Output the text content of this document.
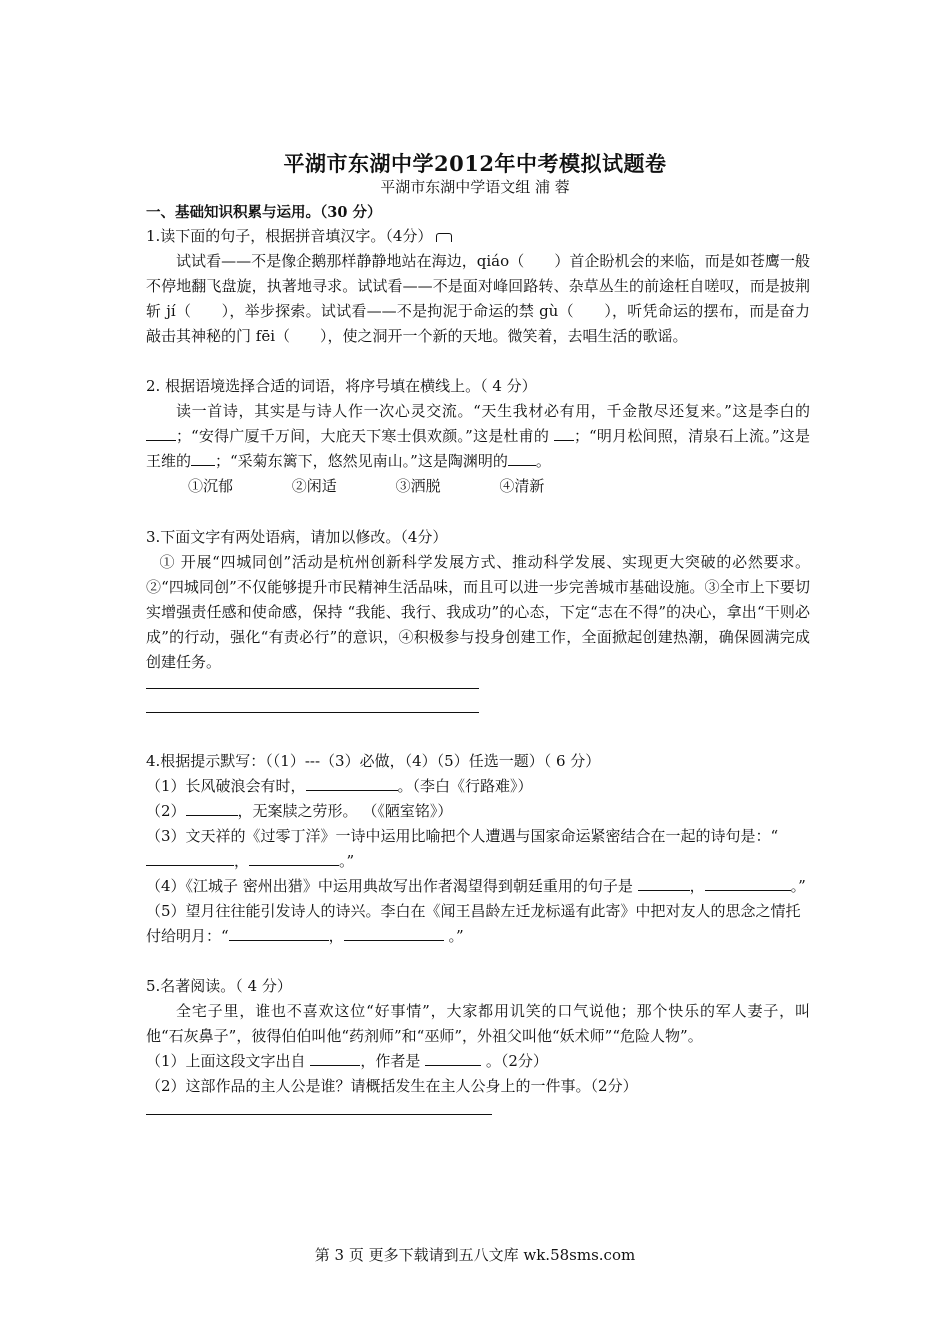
平湖市东湖中学2012年中考模拟试题卷
平湖市东湖中学语文组 浦 蓉
一、基础知识积累与运用。（30 分）
1.读下面的句子，根据拼音填汉字。（4分）
试试看——不是像企鹅那样静静地站在海边，qiáo（　　）首企盼机会的来临，而是如苍鹰一般不停地翻飞盘旋，执著地寻求。试试看——不是面对峰回路转、杂草丛生的前途枉自嗟叹，而是披荆斩 jí（　　），举步探索。试试看——不是拘泥于命运的禁 gù（　　），听凭命运的摆布，而是奋力敲击其神秘的门 fēi（　　），使之洞开一个新的天地。微笑着，去唱生活的歌谣。
2. 根据语境选择合适的词语，将序号填在横线上。（ 4 分）
读一首诗，其实是与诗人作一次心灵交流。“天生我材必有用，千金散尽还复来。”这是李白的；“安得广厦千万间，大庇天下寒士俱欢颜。”这是杜甫的 ；“明月松间照，清泉石上流。”这是王维的 ；“采菊东篱下，悠然见南山。”这是陶渊明的 。
①沉郁	②闲适	③洒脱	④清新
3.下面文字有两处语病，请加以修改。（4分）
① 开展“四城同创”活动是杭州创新科学发展方式、推动科学发展、实现更大突破的必然要求。②“四城同创”不仅能够提升市民精神生活品味，而且可以进一步完善城市基础设施。③全市上下要切实增强责任感和使命感，保持 “我能、我行、我成功”的心态，下定“志在不得”的决心，拿出“干则必成”的行动，强化“有责必行”的意识，④积极参与投身创建工作，全面掀起创建热潮，确保圆满完成创建任务。
4.根据提示默写：（（1）---（3）必做，（4）（5）任选一题）（ 6 分）
（1）长风破浪会有时，	。（李白《行路难》）
（2）	，无案牍之劳形。 （《陋室铭》）
（3）文天祥的《过零丁洋》一诗中运用比喻把个人遭遇与国家命运紧密结合在一起的诗句是：“，	。”
（4）《江城子 密州出猎》中运用典故写出作者渴望得到朝廷重用的句子是	，	。”
（5）望月往往能引发诗人的诗兴。李白在《闻王昌龄左迁龙标遥有此寄》中把对友人的思念之情托付给明月：“	，	。”
5.名著阅读。（ 4 分）
全宅子里，谁也不喜欢这位“好事情”，大家都用讥笑的口气说他；那个快乐的军人妻子，叫他“石灰鼻子”，彼得伯伯叫他“药剂师”和“巫师”，外祖父叫他“妖术师”“危险人物”。
（1）上面这段文字出自	，作者是	。（2分）
（2）这部作品的主人公是谁？请概括发生在主人公身上的一件事。（2分）
第 3 页 更多下载请到五八文库 wk.58sms.com
